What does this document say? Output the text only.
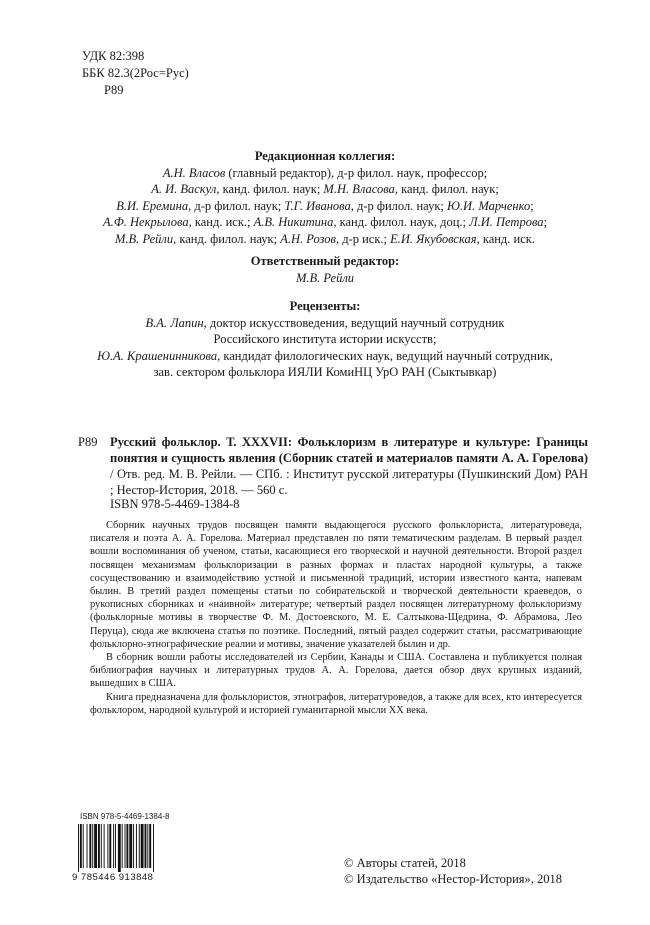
УДК 82:398
ББК 82.3(2Рос=Рус)
Р89
Редакционная коллегия:
А.Н. Власов (главный редактор), д-р филол. наук, профессор;
А. И. Васкул, канд. филол. наук; М.Н. Власова, канд. филол. наук;
В.И. Еремина, д-р филол. наук; Т.Г. Иванова, д-р филол. наук; Ю.И. Марченко;
А.Ф. Некрылова, канд. иск.; А.В. Никитина, канд. филол. наук, доц.; Л.И. Петрова;
М.В. Рейли, канд. филол. наук; А.Н. Розов, д-р иск.; Е.И. Якубовская, канд. иск.
Ответственный редактор:
М.В. Рейли
Рецензенты:
В.А. Лапин, доктор искусствоведения, ведущий научный сотрудник
Российского института истории искусств;
Ю.А. Крашенинникова, кандидат филологических наук, ведущий научный сотрудник,
зав. сектором фольклора ИЯЛИ КомиНЦ УрО РАН (Сыктывкар)
Р89 Русский фольклор. Т. XXXVII: Фольклоризм в литературе и культуре: Границы понятия и сущность явления (Сборник статей и материалов памяти А. А. Горелова) / Отв. ред. М. В. Рейли. — СПб. : Институт русской литературы (Пушкинский Дом) РАН ; Нестор-История, 2018. — 560 с.
ISBN 978-5-4469-1384-8

Сборник научных трудов посвящен памяти выдающегося русского фольклориста, литературоведа, писателя и поэта А. А. Горелова. Материал представлен по пяти тематическим разделам. В первый раздел вошли воспоминания об ученом, статьи, касающиеся его творческой и научной деятельности. Второй раздел посвящен механизмам фольклоризации в разных формах и пластах народной культуры, а также сосуществованию и взаимодействию устной и письменной традиций, истории известного канта, напевам былин. В третий раздел помещены статьи по собирательской и творческой деятельности краеведов, о рукописных сборниках и «наивной» литературе; четвертый раздел посвящен литературному фольклоризму (фольклорные мотивы в творчестве Ф. М. Достоевского, М. Е. Салтыкова-Щедрина, Ф. Абрамова, Лео Перуца), сюда же включена статья по поэтике. Последний, пятый раздел содержит статьи, рассматривающие фольклорно-этнографические реалии и мотивы, значение указателей былин и др.

В сборник вошли работы исследователей из Сербии, Канады и США. Составлена и публикуется полная библиография научных и литературных трудов А. А. Горелова, дается обзор двух крупных изданий, вышедших в США.

Книга предназначена для фольклористов, этнографов, литературоведов, а также для всех, кто интересуется фольклором, народной культурой и историей гуманитарной мысли XX века.

ISBN 978-5-4469-1384-8
9 785446 913848
© Авторы статей, 2018
© Издательство «Нестор-История», 2018
